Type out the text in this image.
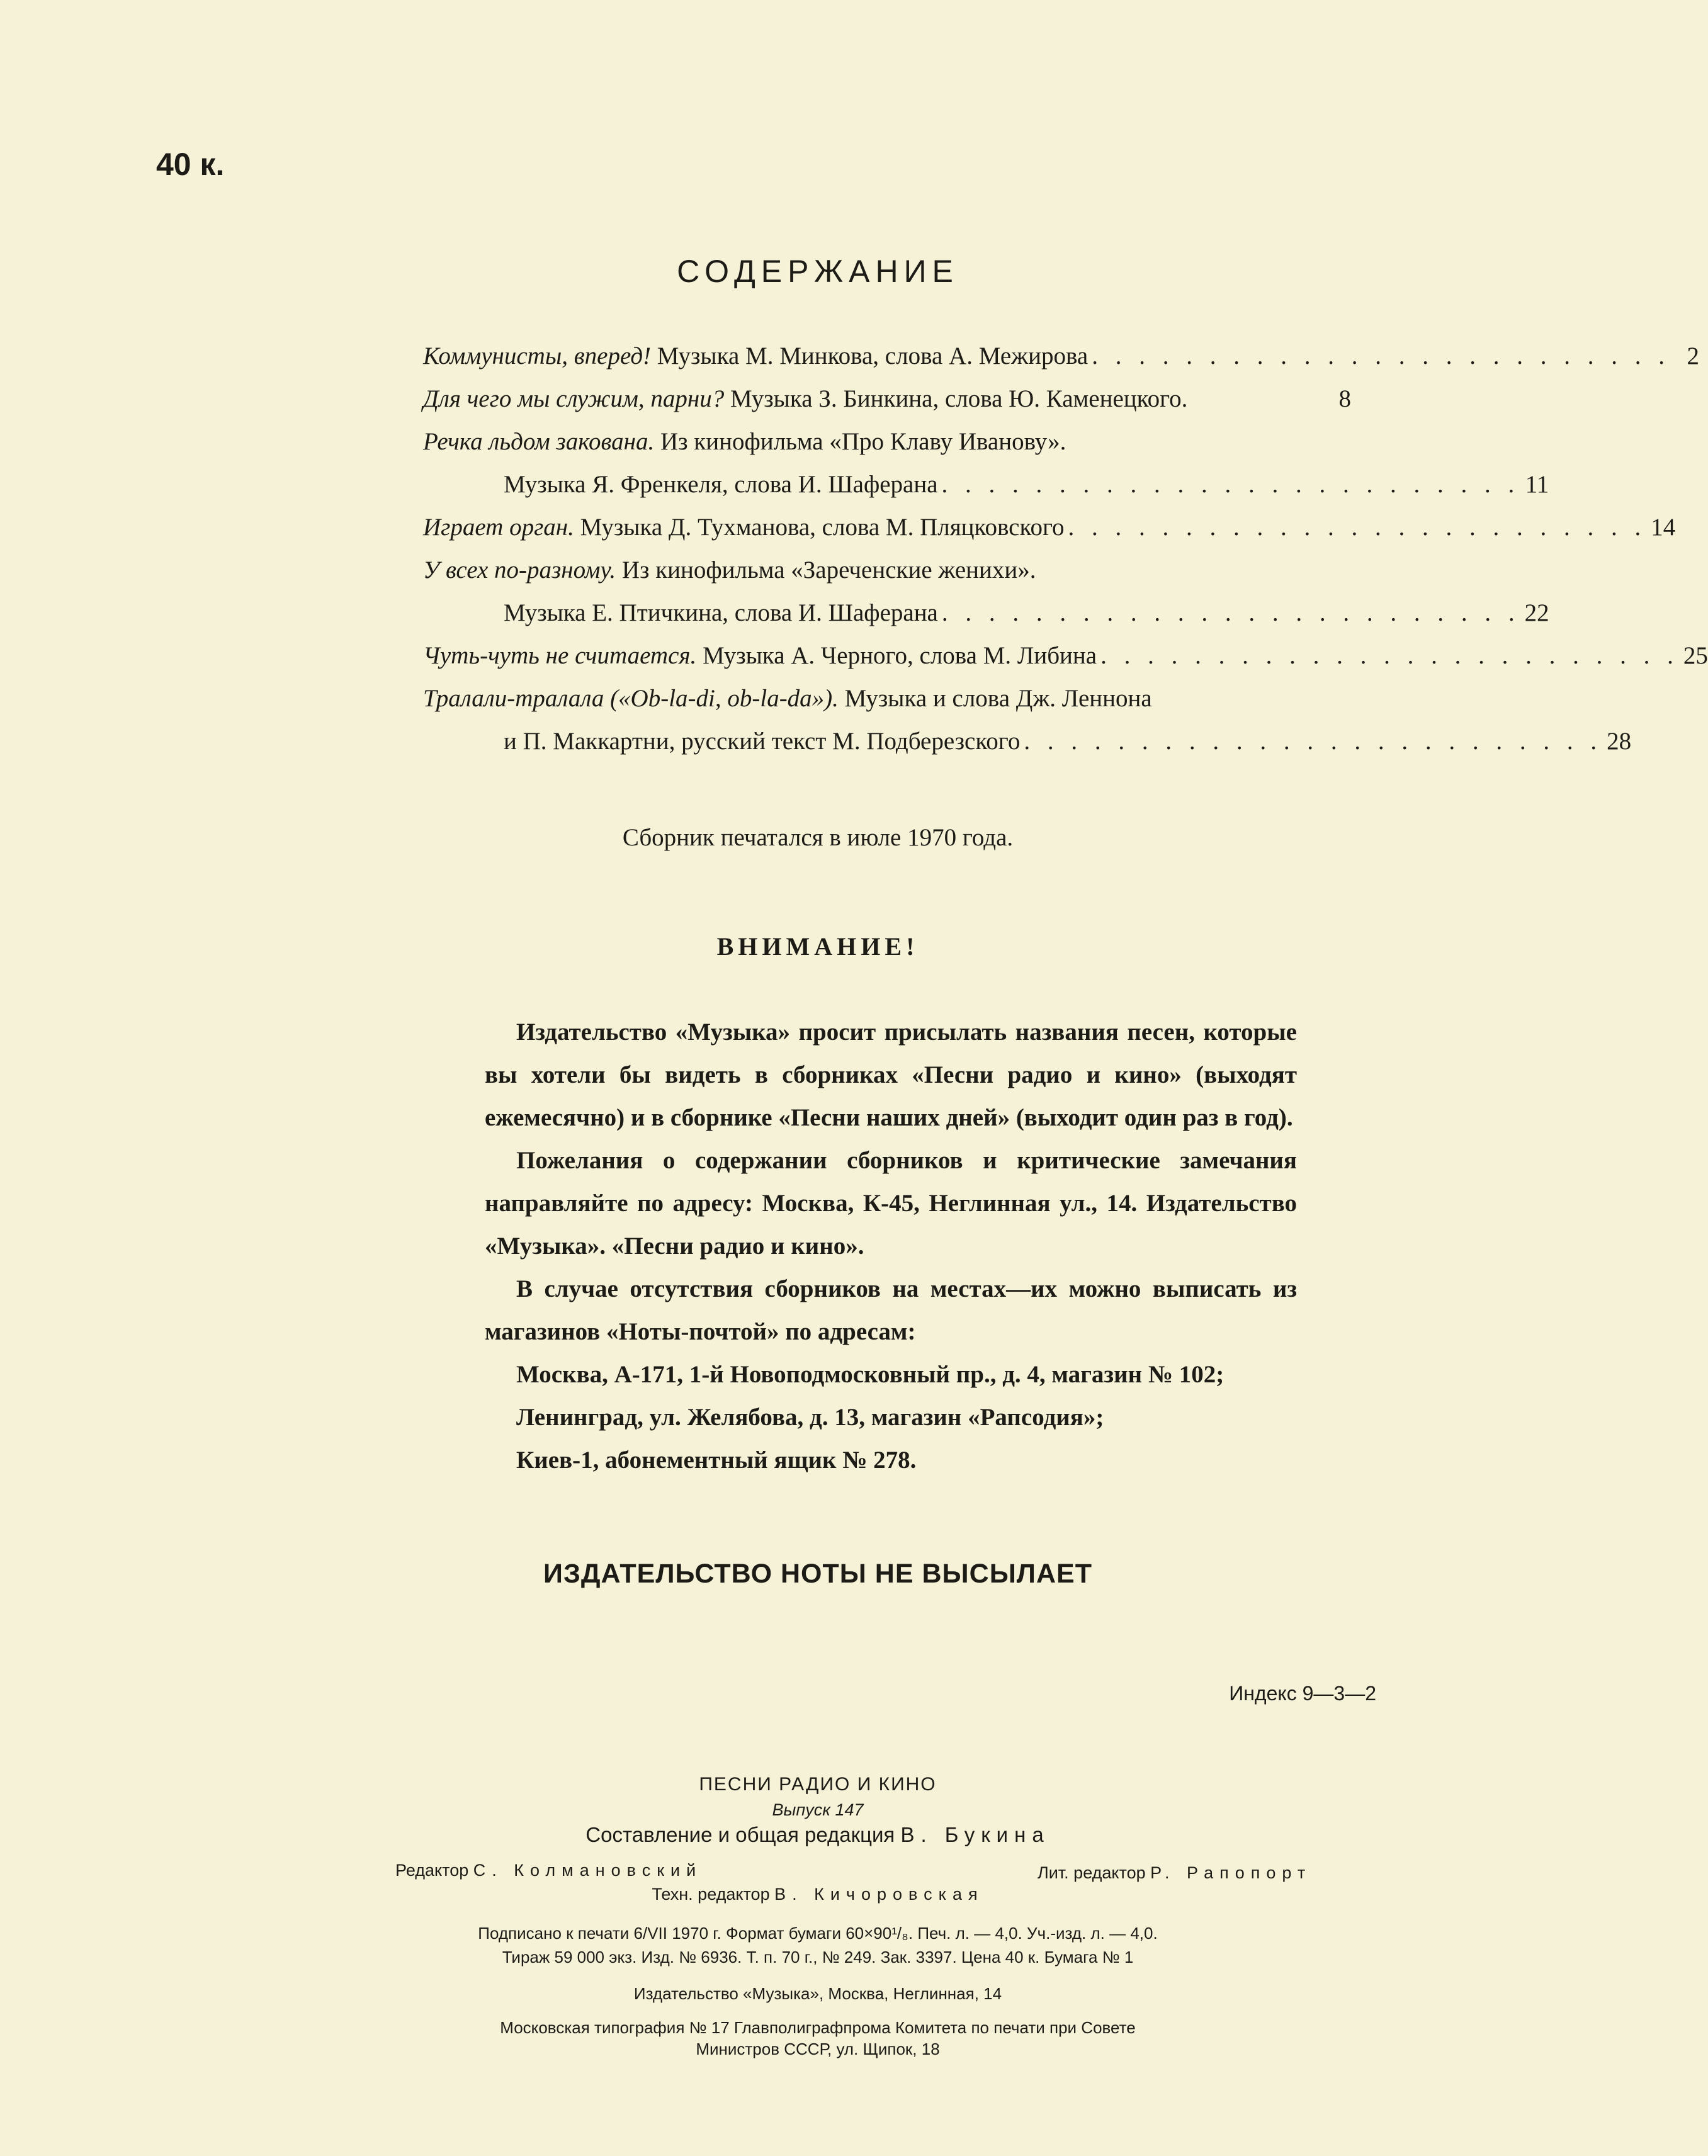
40 к.
СОДЕРЖАНИЕ
Коммунисты, вперед!
Музыка М. Минкова, слова А. Межирова . . . . . . . . . . . . . . . . . . . . . . . . . 2
Для чего мы служим, парни?
Музыка З. Бинкина, слова Ю. Каменецкого.	8
Речка льдом закована.
Из кинофильма «Про Клаву Иванову».
Музыка Я. Френкеля, слова И. Шаферана . . . . . . . . . . . . . . . . . . . . . . . . . 11
Играет орган.
Музыка Д. Тухманова, слова М. Пляцковского . . . . . . . . . . . . . . . . . . . . . . . . . 14
У всех по-разному.
Из кинофильма «Зареченские женихи».
Музыка Е. Птичкина, слова И. Шаферана . . . . . . . . . . . . . . . . . . . . . . . . . 22
Чуть-чуть не считается.
Музыка А. Черного, слова М. Либина . . . . . . . . . . . . . . . . . . . . . . . . . 25
Тралали-тралала («Ob-la-di, ob-la-da»).
Музыка и слова Дж. Леннона
и П. Маккартни, русский текст М. Подберезского . . . . . . . . . . . . . . . . . . . . . . . . . 28
Сборник печатался в июле 1970 года.
ВНИМАНИЕ!

Издательство «Музыка» просит присылать названия песен, которые вы хотели бы видеть в сборниках «Песни радио и кино» (выходят ежемесячно) и в сборнике «Песни наших дней» (выходит один раз в год).

Пожелания о содержании сборников и критические замечания направляйте по адресу: Москва, К-45, Неглинная ул., 14. Издательство «Музыка». «Песни радио и кино».

В случае отсутствия сборников на местах—их можно выписать из магазинов «Ноты-почтой» по адресам:

Москва, А-171, 1-й Новоподмосковный пр., д. 4, магазин № 102;

Ленинград, ул. Желябова, д. 13, магазин «Рапсодия»;

Киев-1, абонементный ящик № 278.

ИЗДАТЕЛЬСТВО НОТЫ НЕ ВЫСЫЛАЕТ
Индекс 9—3—2
ПЕСНИ РАДИО И КИНО
Выпуск 147
Составление и общая редакция В. Букина
Редактор С. Колмановский	Лит. редактор Р. Рапопорт
Техн. редактор В. Кичоровская
Подписано к печати 6/VII 1970 г. Формат бумаги 60×90¹/₈. Печ. л. — 4,0. Уч.-изд. л. — 4,0.
Тираж 59 000 экз. Изд. № 6936. Т. п. 70 г., № 249. Зак. 3397. Цена 40 к. Бумага № 1
Издательство «Музыка», Москва, Неглинная, 14
Московская типография № 17 Главполиграфпрома Комитета по печати при Совете
Министров СССР, ул. Щипок, 18
